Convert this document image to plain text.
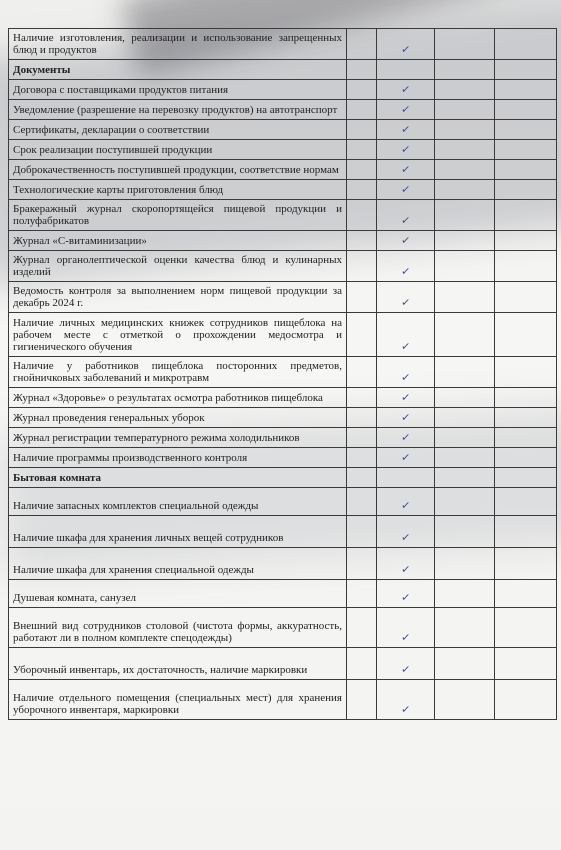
Наличие изготовления, реализации и использование запрещенных блюд и продуктов		✓		
Документы				
Договора с поставщиками продуктов питания		✓		
Уведомление (разрешение на перевозку продуктов) на автотранспорт		✓		
Сертификаты, декларации о соответствии		✓		
Срок реализации поступившей продукции		✓		
Доброкачественность поступившей продукции, соответствие нормам		✓		
Технологические карты приготовления блюд		✓		
Бракеражный журнал скоропортящейся пищевой продукции и полуфабрикатов		✓		
Журнал «С-витаминизации»		✓		
Журнал органолептической оценки качества блюд и кулинарных изделий		✓		
Ведомость контроля за выполнением норм пищевой продукции за декабрь 2024 г.		✓		
Наличие личных медицинских книжек сотрудников пищеблока на рабочем месте с отметкой о прохождении медосмотра и гигиенического обучения		✓		
Наличие у работников пищеблока посторонних предметов, гнойничковых заболеваний и микротравм		✓		
Журнал «Здоровье» о результатах осмотра работников пищеблока		✓		
Журнал проведения генеральных уборок		✓		
Журнал регистрации температурного режима холодильников		✓		
Наличие программы производственного контроля		✓		
Бытовая комната				
Наличие запасных комплектов специальной одежды		✓		
Наличие шкафа для хранения личных вещей сотрудников		✓		
Наличие шкафа для хранения специальной одежды		✓		
Душевая комната, санузел		✓		
Внешний вид сотрудников столовой (чистота формы, аккуратность, работают ли в полном комплекте спецодежды)		✓		
Уборочный инвентарь, их достаточность, наличие маркировки		✓		
Наличие отдельного помещения (специальных мест) для хранения уборочного инвентаря, маркировки		✓		
